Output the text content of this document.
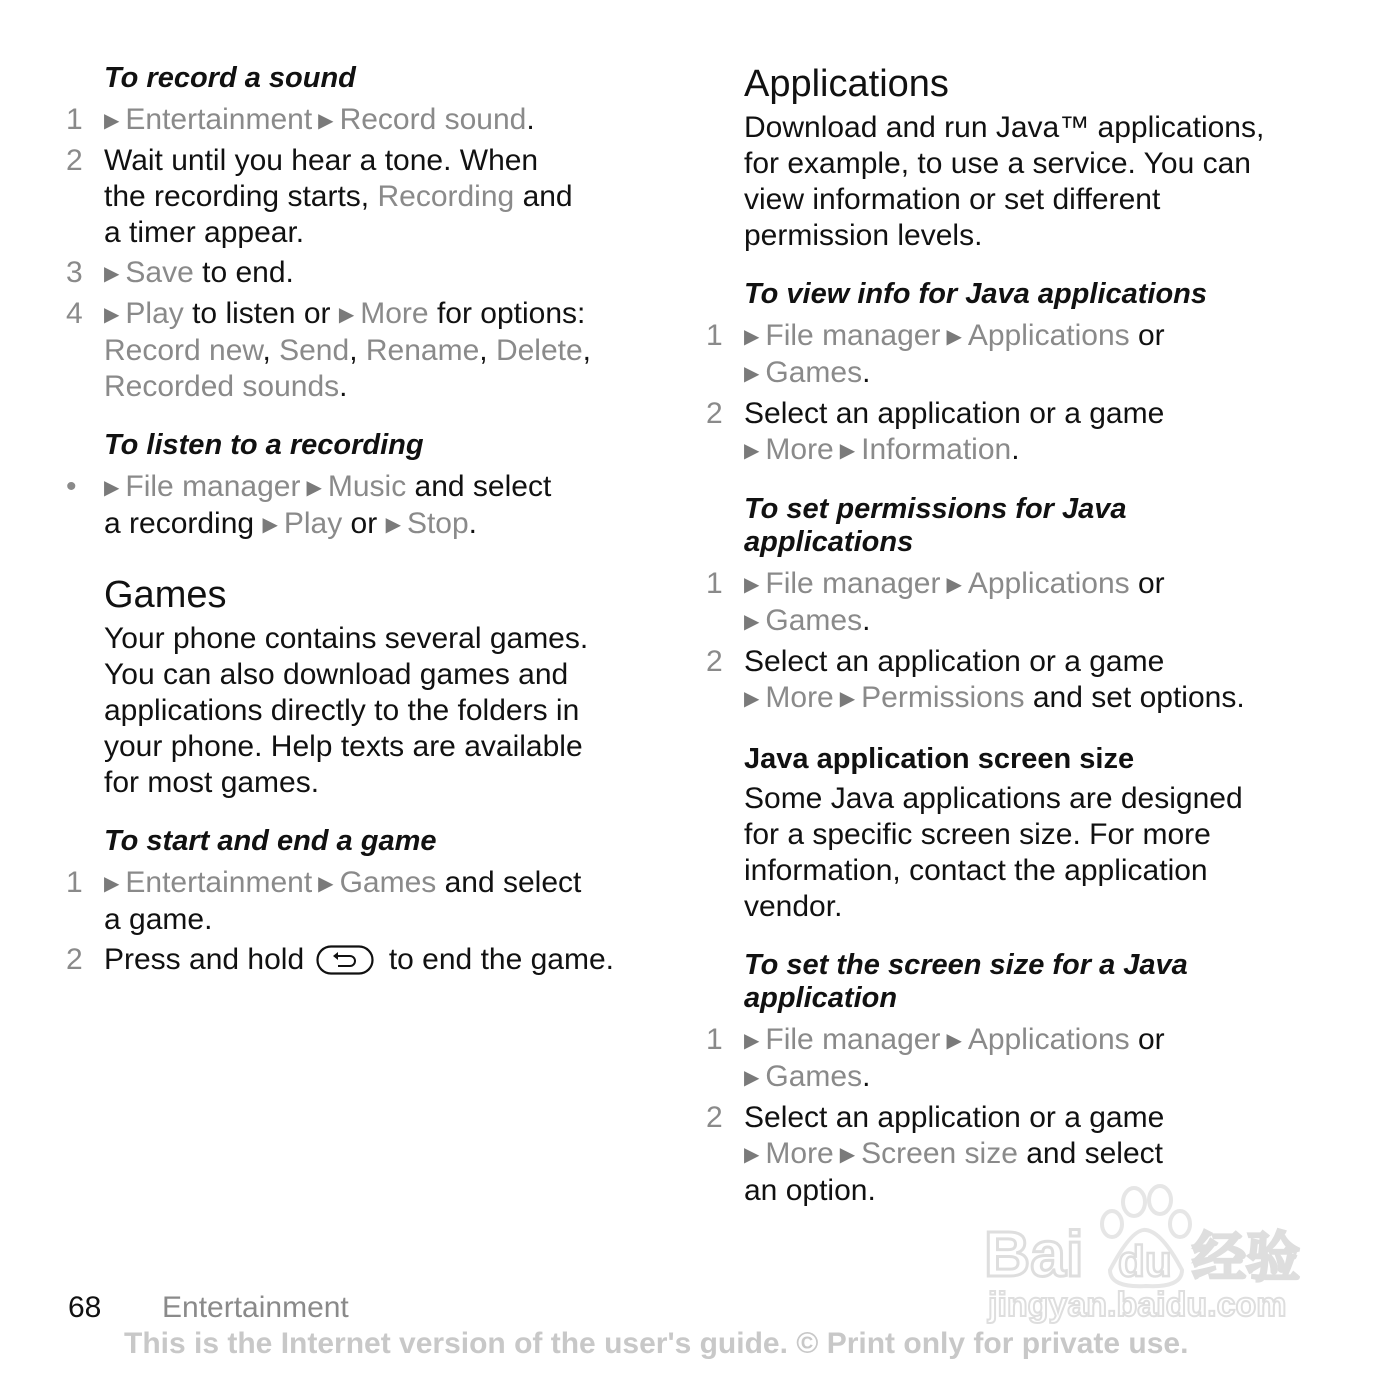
To record a sound
1	▶ Entertainment ▶ Record sound.
2 Wait until you hear a tone. When
the recording starts, Recording and
a timer appear.
3	▶ Save to end.
4	▶ Play to listen or ▶ More for options:
Record new, Send, Rename, Delete,
Recorded sounds.
To listen to a recording
•	▶ File manager ▶ Music and select
a recording ▶ Play or ▶ Stop.
Games
Your phone contains several games.
You can also download games and
applications directly to the folders in
your phone. Help texts are available
for most games.
To start and end a game
1	▶ Entertainment ▶ Games and select
a game.
2 Press and hold	to end the game.
Applications
Download and run Java™ applications,
for example, to use a service. You can
view information or set different
permission levels.
To view info for Java applications
1	▶ File manager ▶ Applications or
▶ Games.
2 Select an application or a game
▶ More ▶ Information.
To set permissions for Java
applications
1	▶ File manager ▶ Applications or
▶ Games.
2 Select an application or a game
▶ More ▶ Permissions and set options.
Java application screen size
Some Java applications are designed
for a specific screen size. For more
information, contact the application
vendor.
To set the screen size for a Java
application
1	▶ File manager ▶ Applications or
▶ Games.
2 Select an application or a game
▶ More ▶ Screen size and select
an option.
Bai du 经验
jingyan.baidu.com
68 Entertainment
This is the Internet version of the user's guide. © Print only for private use.
